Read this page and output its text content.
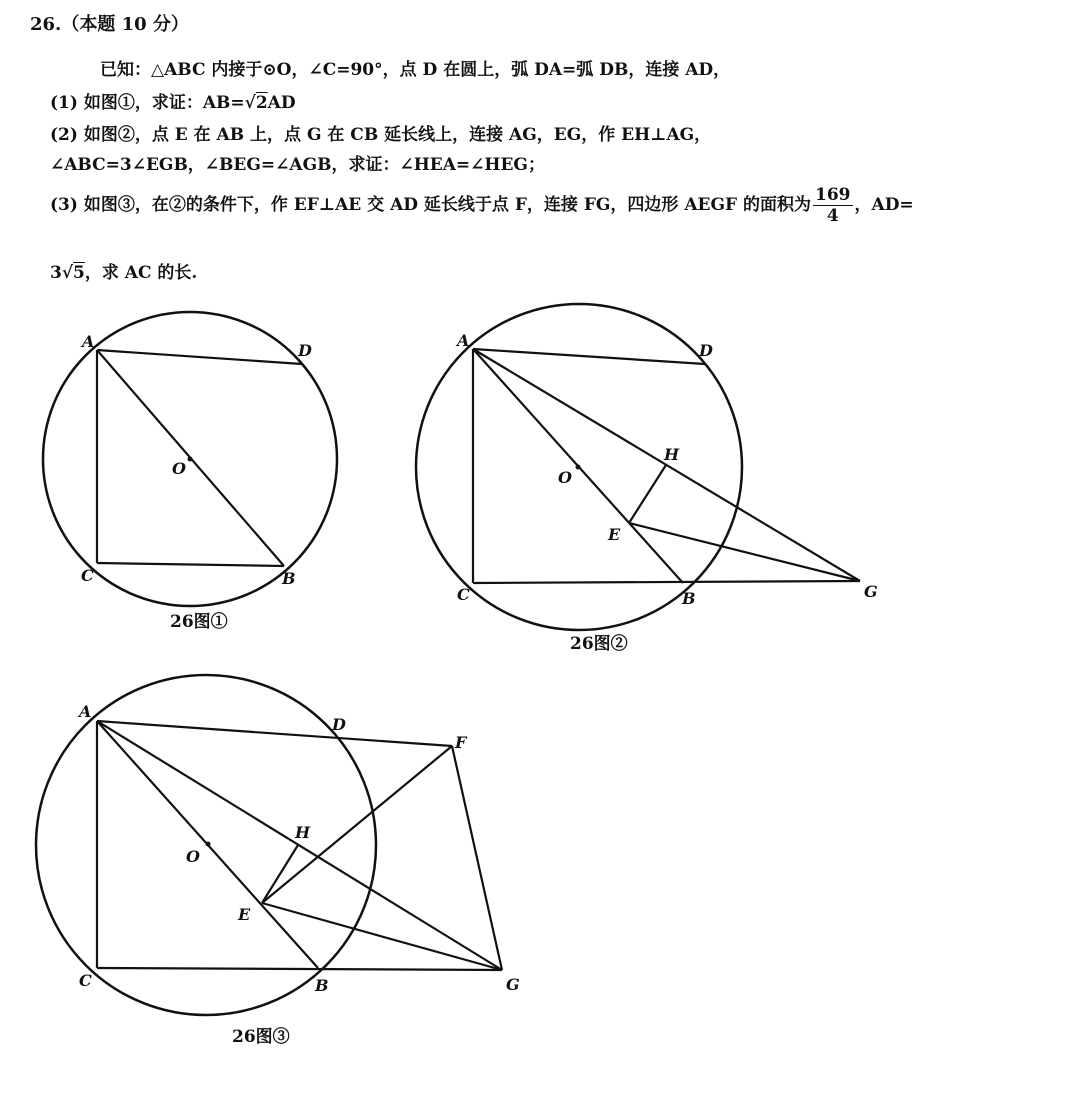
26.（本题 10 分）
已知：△ABC 内接于⊙O，∠C=90°，点 D 在圆上，弧 DA=弧 DB，连接 AD，
(1) 如图①，求证：AB=√2AD
(2) 如图②，点 E 在 AB 上，点 G 在 CB 延长线上，连接 AG，EG，作 EH⊥AG，
∠ABC=3∠EGB，∠BEG=∠AGB，求证：∠HEA=∠HEG；
(3) 如图③，在②的条件下，作 EF⊥AE 交 AD 延长线于点 F，连接 FG，四边形 AEGF 的面积为 $\frac{169}{4}$ ，AD=
3√5，求 AC 的长.
A	D
O
C	B
26图①
A
D
O
H
E
C	B	G
26图②
A
D
F
O
H
E
C	B	G
26图③
